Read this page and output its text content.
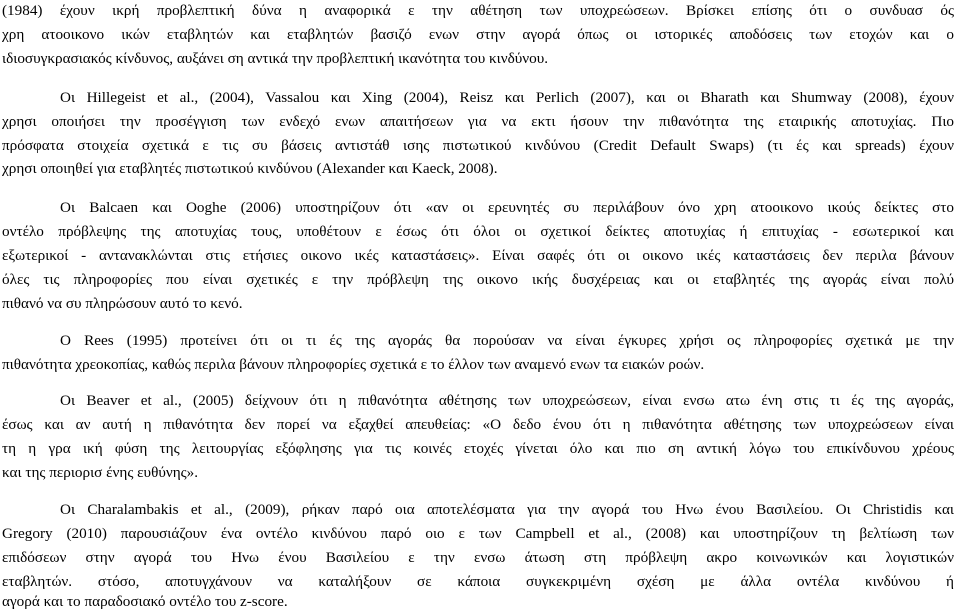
(1984) έχουν ικρή προβλεπτική δύνα η αναφορικά ε την αθέτηση των υποχρεώσεων. Βρίσκει επίσης ότι ο συνδυασ ός
χρη ατοοικονο ικών εταβλητών και εταβλητών βασιζό ενων στην αγορά όπως οι ιστορικές αποδόσεις των ετοχών και ο
ιδιοσυγκρασιακός κίνδυνος, αυξάνει ση αντικά την προβλεπτική ικανότητα του κινδύνου.
Οι Hillegeist et al., (2004), Vassalou και Xing (2004), Reisz και Perlich (2007), και οι Bharath και Shumway (2008), έχουν
χρησι οποιήσει την προσέγγιση των ενδεχό ενων απαιτήσεων για να εκτι ήσουν την πιθανότητα της εταιρικής αποτυχίας. Πιο
πρόσφατα στοιχεία σχετικά ε τις συ βάσεις αντιστάθ ισης πιστωτικού κινδύνου (Credit Default Swaps) (τι ές και spreads) έχουν
χρησι οποιηθεί για εταβλητές πιστωτικού κινδύνου (Alexander και Kaeck, 2008).
Οι Balcaen και Ooghe (2006) υποστηρίζουν ότι «αν οι ερευνητές συ περιλάβουν όνο χρη ατοοικονο ικούς δείκτες στο
οντέλο πρόβλεψης της αποτυχίας τους, υποθέτουν ε έσως ότι όλοι οι σχετικοί δείκτες αποτυχίας ή επιτυχίας - εσωτερικοί και
εξωτερικοί - αντανακλώνται στις ετήσιες οικονο ικές καταστάσεις». Είναι σαφές ότι οι οικονο ικές καταστάσεις δεν περιλα βάνουν
όλες τις πληροφορίες που είναι σχετικές ε την πρόβλεψη της οικονο ικής δυσχέρειας και οι εταβλητές της αγοράς είναι πολύ
πιθανό να συ πληρώσουν αυτό το κενό.
Ο Rees (1995) προτείνει ότι οι τι ές της αγοράς θα πορούσαν να είναι έγκυρες χρήσι ος πληροφορίες σχετικά με την
πιθανότητα χρεοκοπίας, καθώς περιλα βάνουν πληροφορίες σχετικά ε το έλλον των αναμενό ενων τα ειακών ροών.
Οι Beaver et al., (2005) δείχνουν ότι η πιθανότητα αθέτησης των υποχρεώσεων, είναι ενσω ατω ένη στις τι ές της αγοράς,
έσως και αν αυτή η πιθανότητα δεν πορεί να εξαχθεί απευθείας: «Ο δεδο ένου ότι η πιθανότητα αθέτησης των υποχρεώσεων είναι
τη η γρα ική φύση της λειτουργίας εξόφλησης για τις κοινές ετοχές γίνεται όλο και πιο ση αντική λόγω του επικίνδυνου χρέους
και της περιορισ ένης ευθύνης».
Οι Charalambakis et al., (2009), ρήκαν παρό οια αποτελέσματα για την αγορά του Ηνω ένου Βασιλείου. Οι Christidis και
Gregory (2010) παρουσιάζουν ένα οντέλο κινδύνου παρό οιο ε των Campbell et al., (2008) και υποστηρίζουν τη βελτίωση των
επιδόσεων στην αγορά του Ηνω ένου Βασιλείου ε την ενσω άτωση στη πρόβλεψη ακρο κοινωνικών και λογιστικών
εταβλητών. στόσο, αποτυγχάνουν να καταλήξουν σε κάποια συγκεκριμένη σχέση με άλλα οντέλα κινδύνου ή
αγορά και το παραδοσιακό οντέλο του z-score.
